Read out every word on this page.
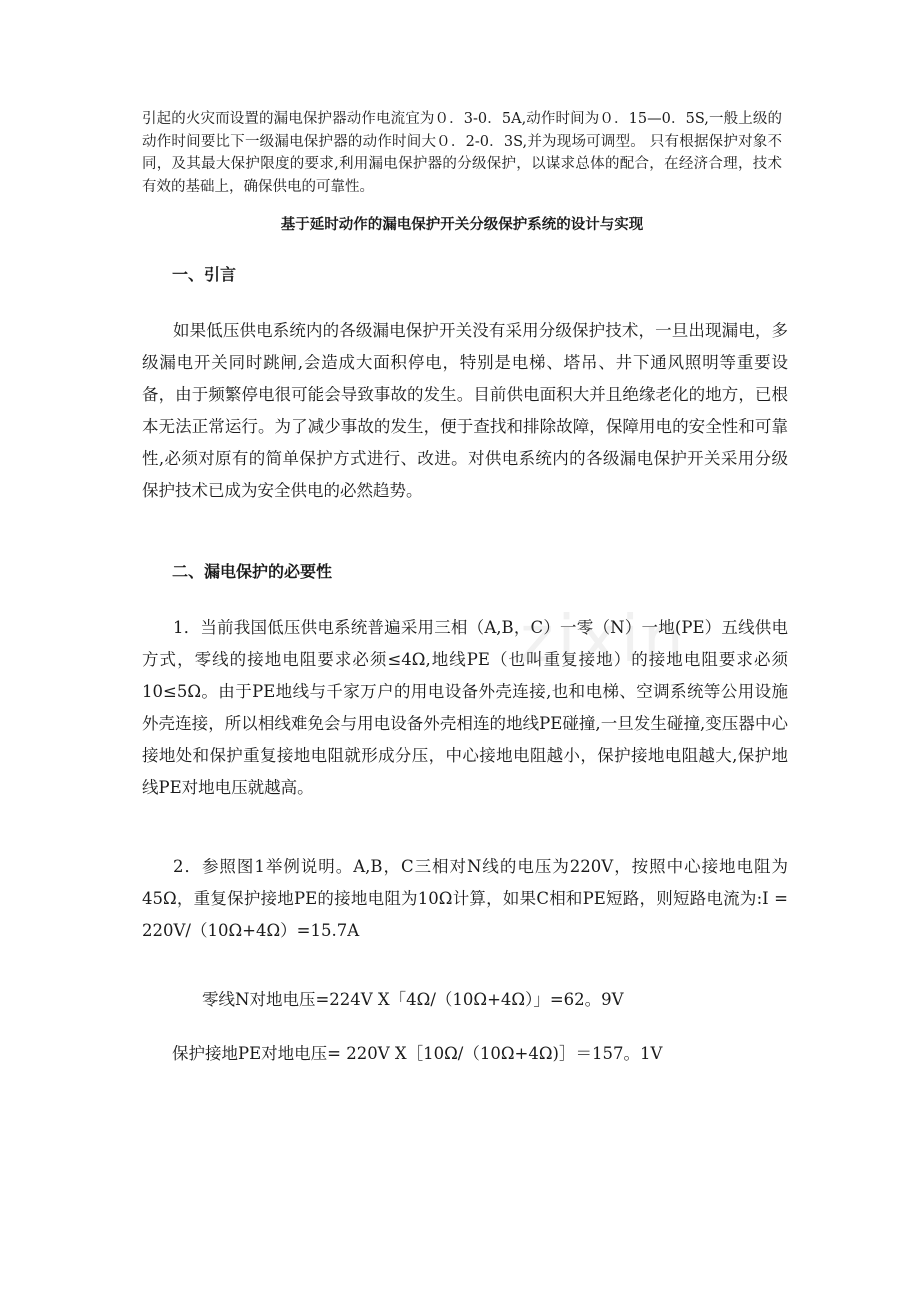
引起的火灾而设置的漏电保护器动作电流宜为０．3-0．5A,动作时间为０．15—0．5S,一般上级的动作时间要比下一级漏电保护器的动作时间大０．2-0．3S,并为现场可调型。 只有根据保护对象不同，及其最大保护限度的要求,利用漏电保护器的分级保护，以谋求总体的配合，在经济合理，技术有效的基础上，确保供电的可靠性。

基于延时动作的漏电保护开关分级保护系统的设计与实现
一、引言

如果低压供电系统内的各级漏电保护开关没有采用分级保护技术，一旦出现漏电，多级漏电开关同时跳闸,会造成大面积停电，特别是电梯、塔吊、井下通风照明等重要设备，由于频繁停电很可能会导致事故的发生。目前供电面积大并且绝缘老化的地方，已根本无法正常运行。为了减少事故的发生，便于查找和排除故障，保障用电的安全性和可靠性,必须对原有的简单保护方式进行、改进。对供电系统内的各级漏电保护开关采用分级保护技术已成为安全供电的必然趋势。

二、漏电保护的必要性

1．当前我国低压供电系统普遍采用三相（A,B，C）一零（N）一地(PE）五线供电方式，零线的接地电阻要求必须≤4Ω,地线PE（也叫重复接地）的接地电阻要求必须10≤5Ω。由于PE地线与千家万户的用电设备外壳连接,也和电梯、空调系统等公用设施外壳连接，所以相线难免会与用电设备外壳相连的地线PE碰撞,一旦发生碰撞,变压器中心接地处和保护重复接地电阻就形成分压，中心接地电阻越小，保护接地电阻越大,保护地线PE对地电压就越高。

2．参照图1举例说明。A,B，C三相对N线的电压为220V，按照中心接地电阻为45Ω，重复保护接地PE的接地电阻为10Ω计算，如果C相和PE短路，则短路电流为:I = 220V/（10Ω+4Ω）=15.7A

零线N对地电压=224V X「4Ω/（10Ω+4Ω）」=62。9V

保护接地PE对地电压= 220V X［10Ω/（10Ω+4Ω)］＝157。1V

zixin
